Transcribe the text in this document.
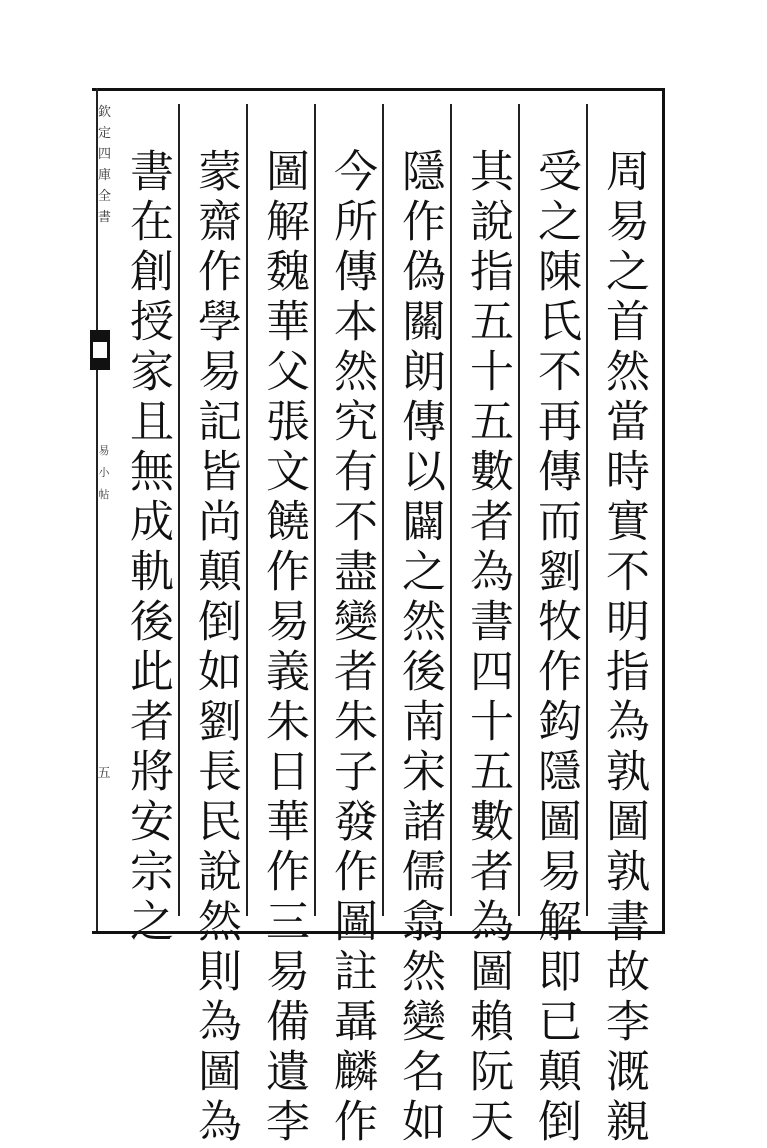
欽定四庫全書
易小帖
五	周易之首然當時實不明指為孰圖孰書故李溉親
受之陳氏不再傳而劉牧作鈎隱圖易解即已顛倒
其說指五十五數者為書四十五數者為圖賴阮天
隱作偽關朗傳以闢之然後南宋諸儒翕然變名如
今所傳本然究有不盡變者朱子發作圖註聶麟作
圖解魏華父張文饒作易義朱日華作三易備遺李
蒙齋作學易記皆尚顛倒如劉長民說然則為圖為
書在創授家且無成軌後此者將安宗之
